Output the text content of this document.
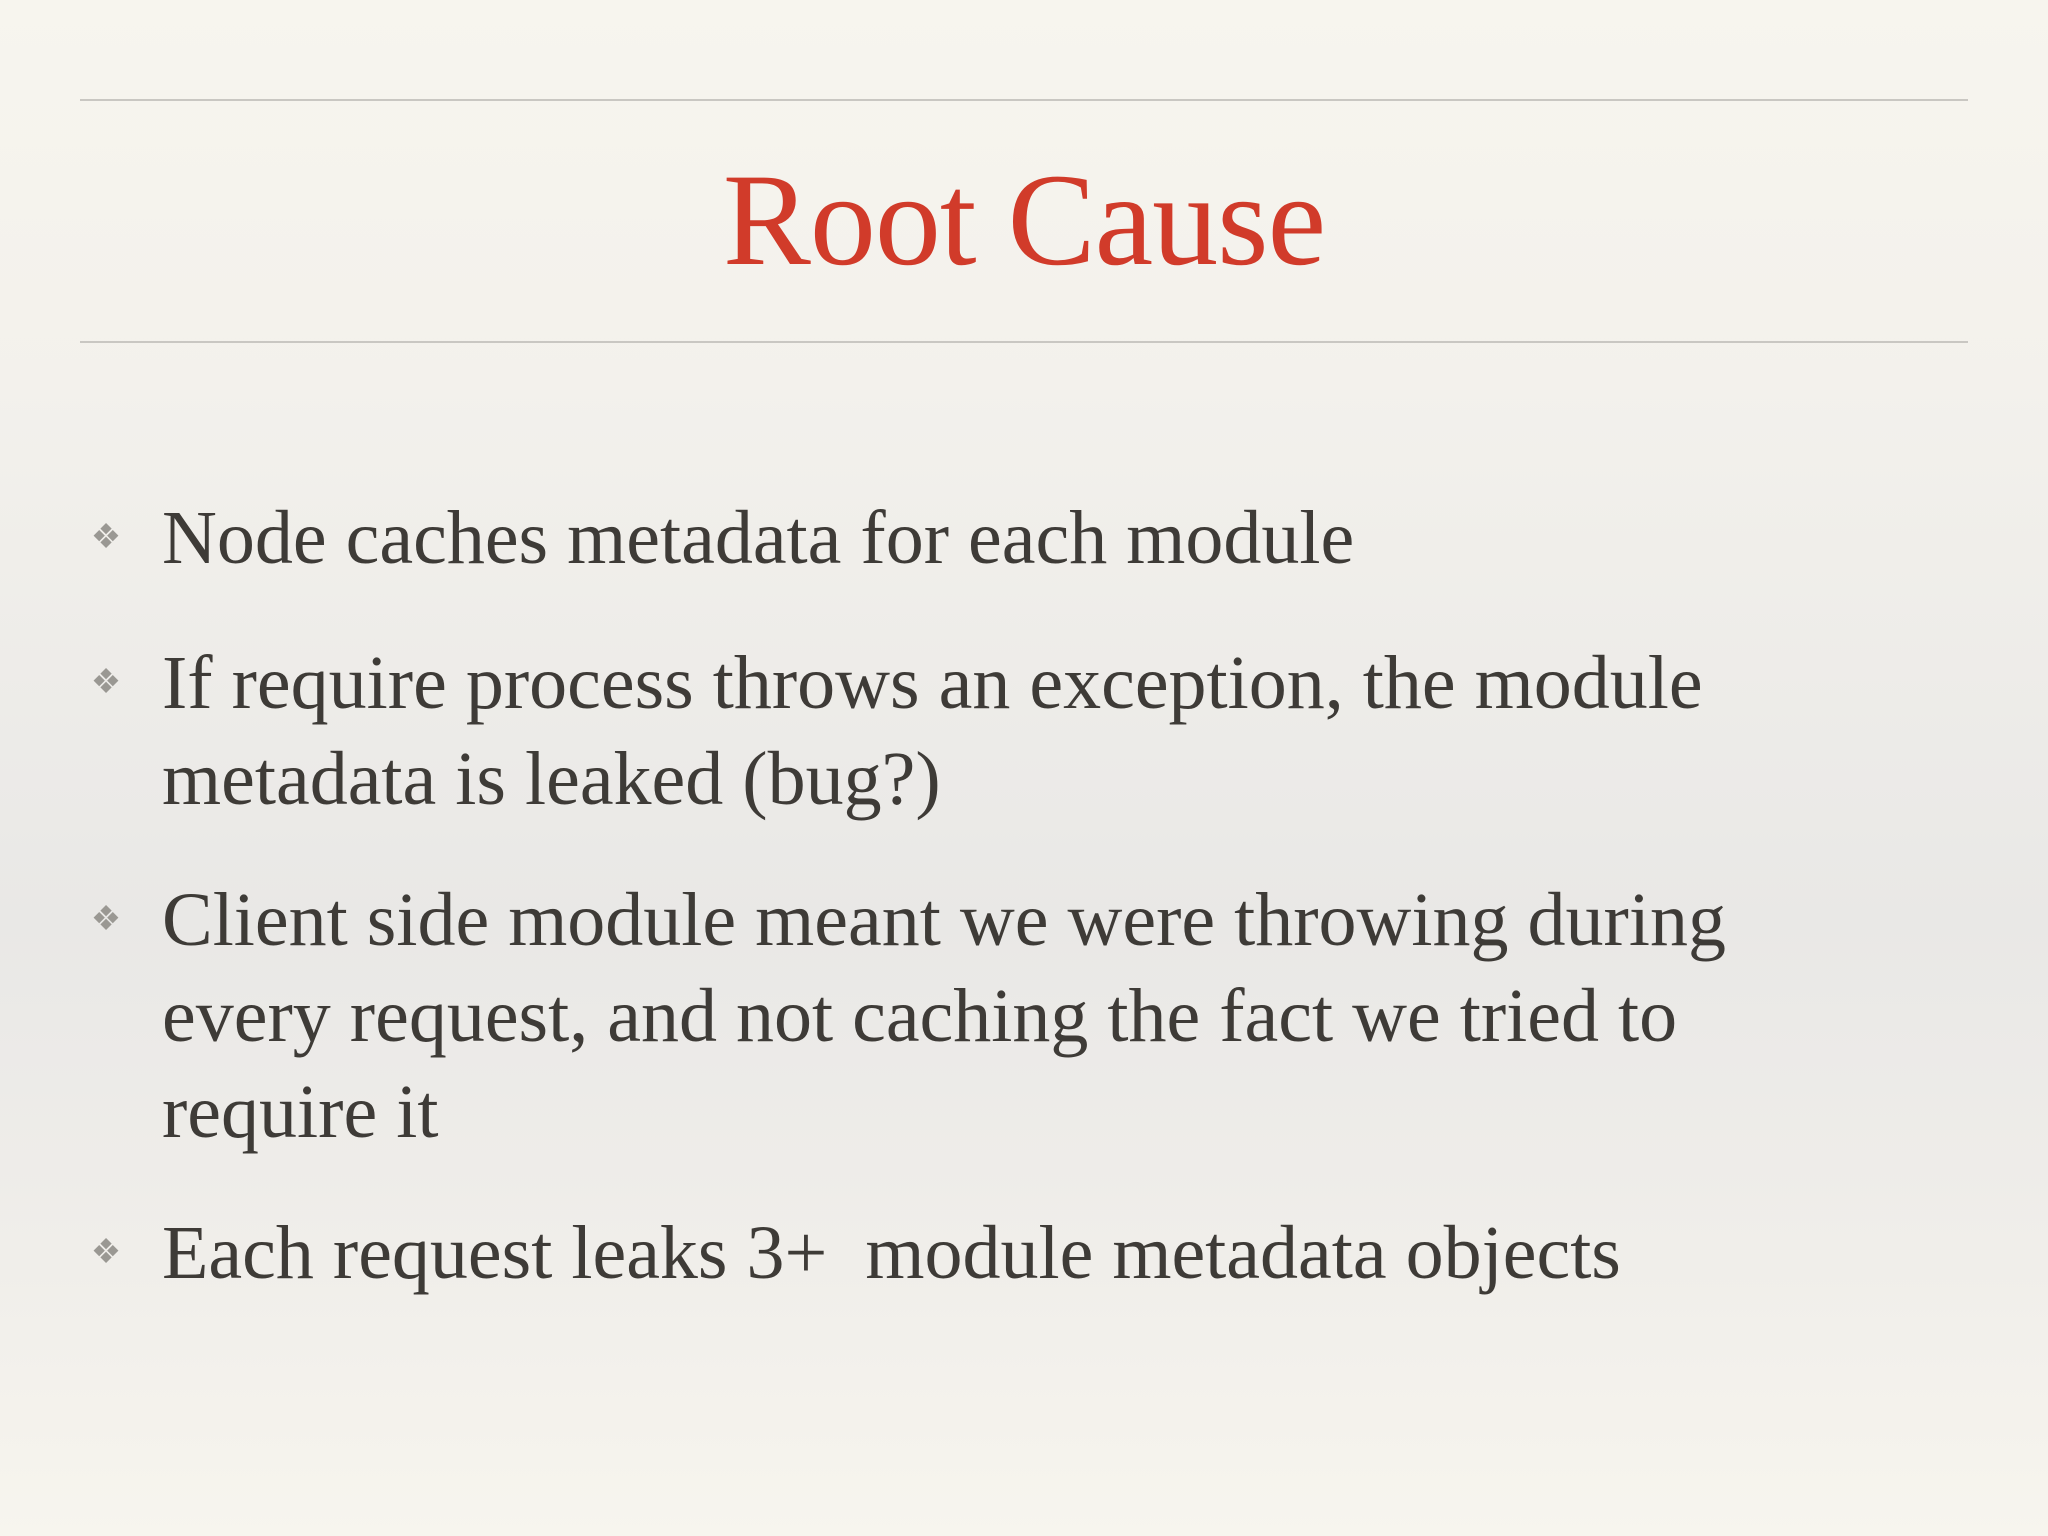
Root Cause
❖ Node caches metadata for each module
❖ If require process throws an exception, the module
metadata is leaked (bug?)
❖ Client side module meant we were throwing during
every request, and not caching the fact we tried to
require it
❖ Each request leaks 3+  module metadata objects
